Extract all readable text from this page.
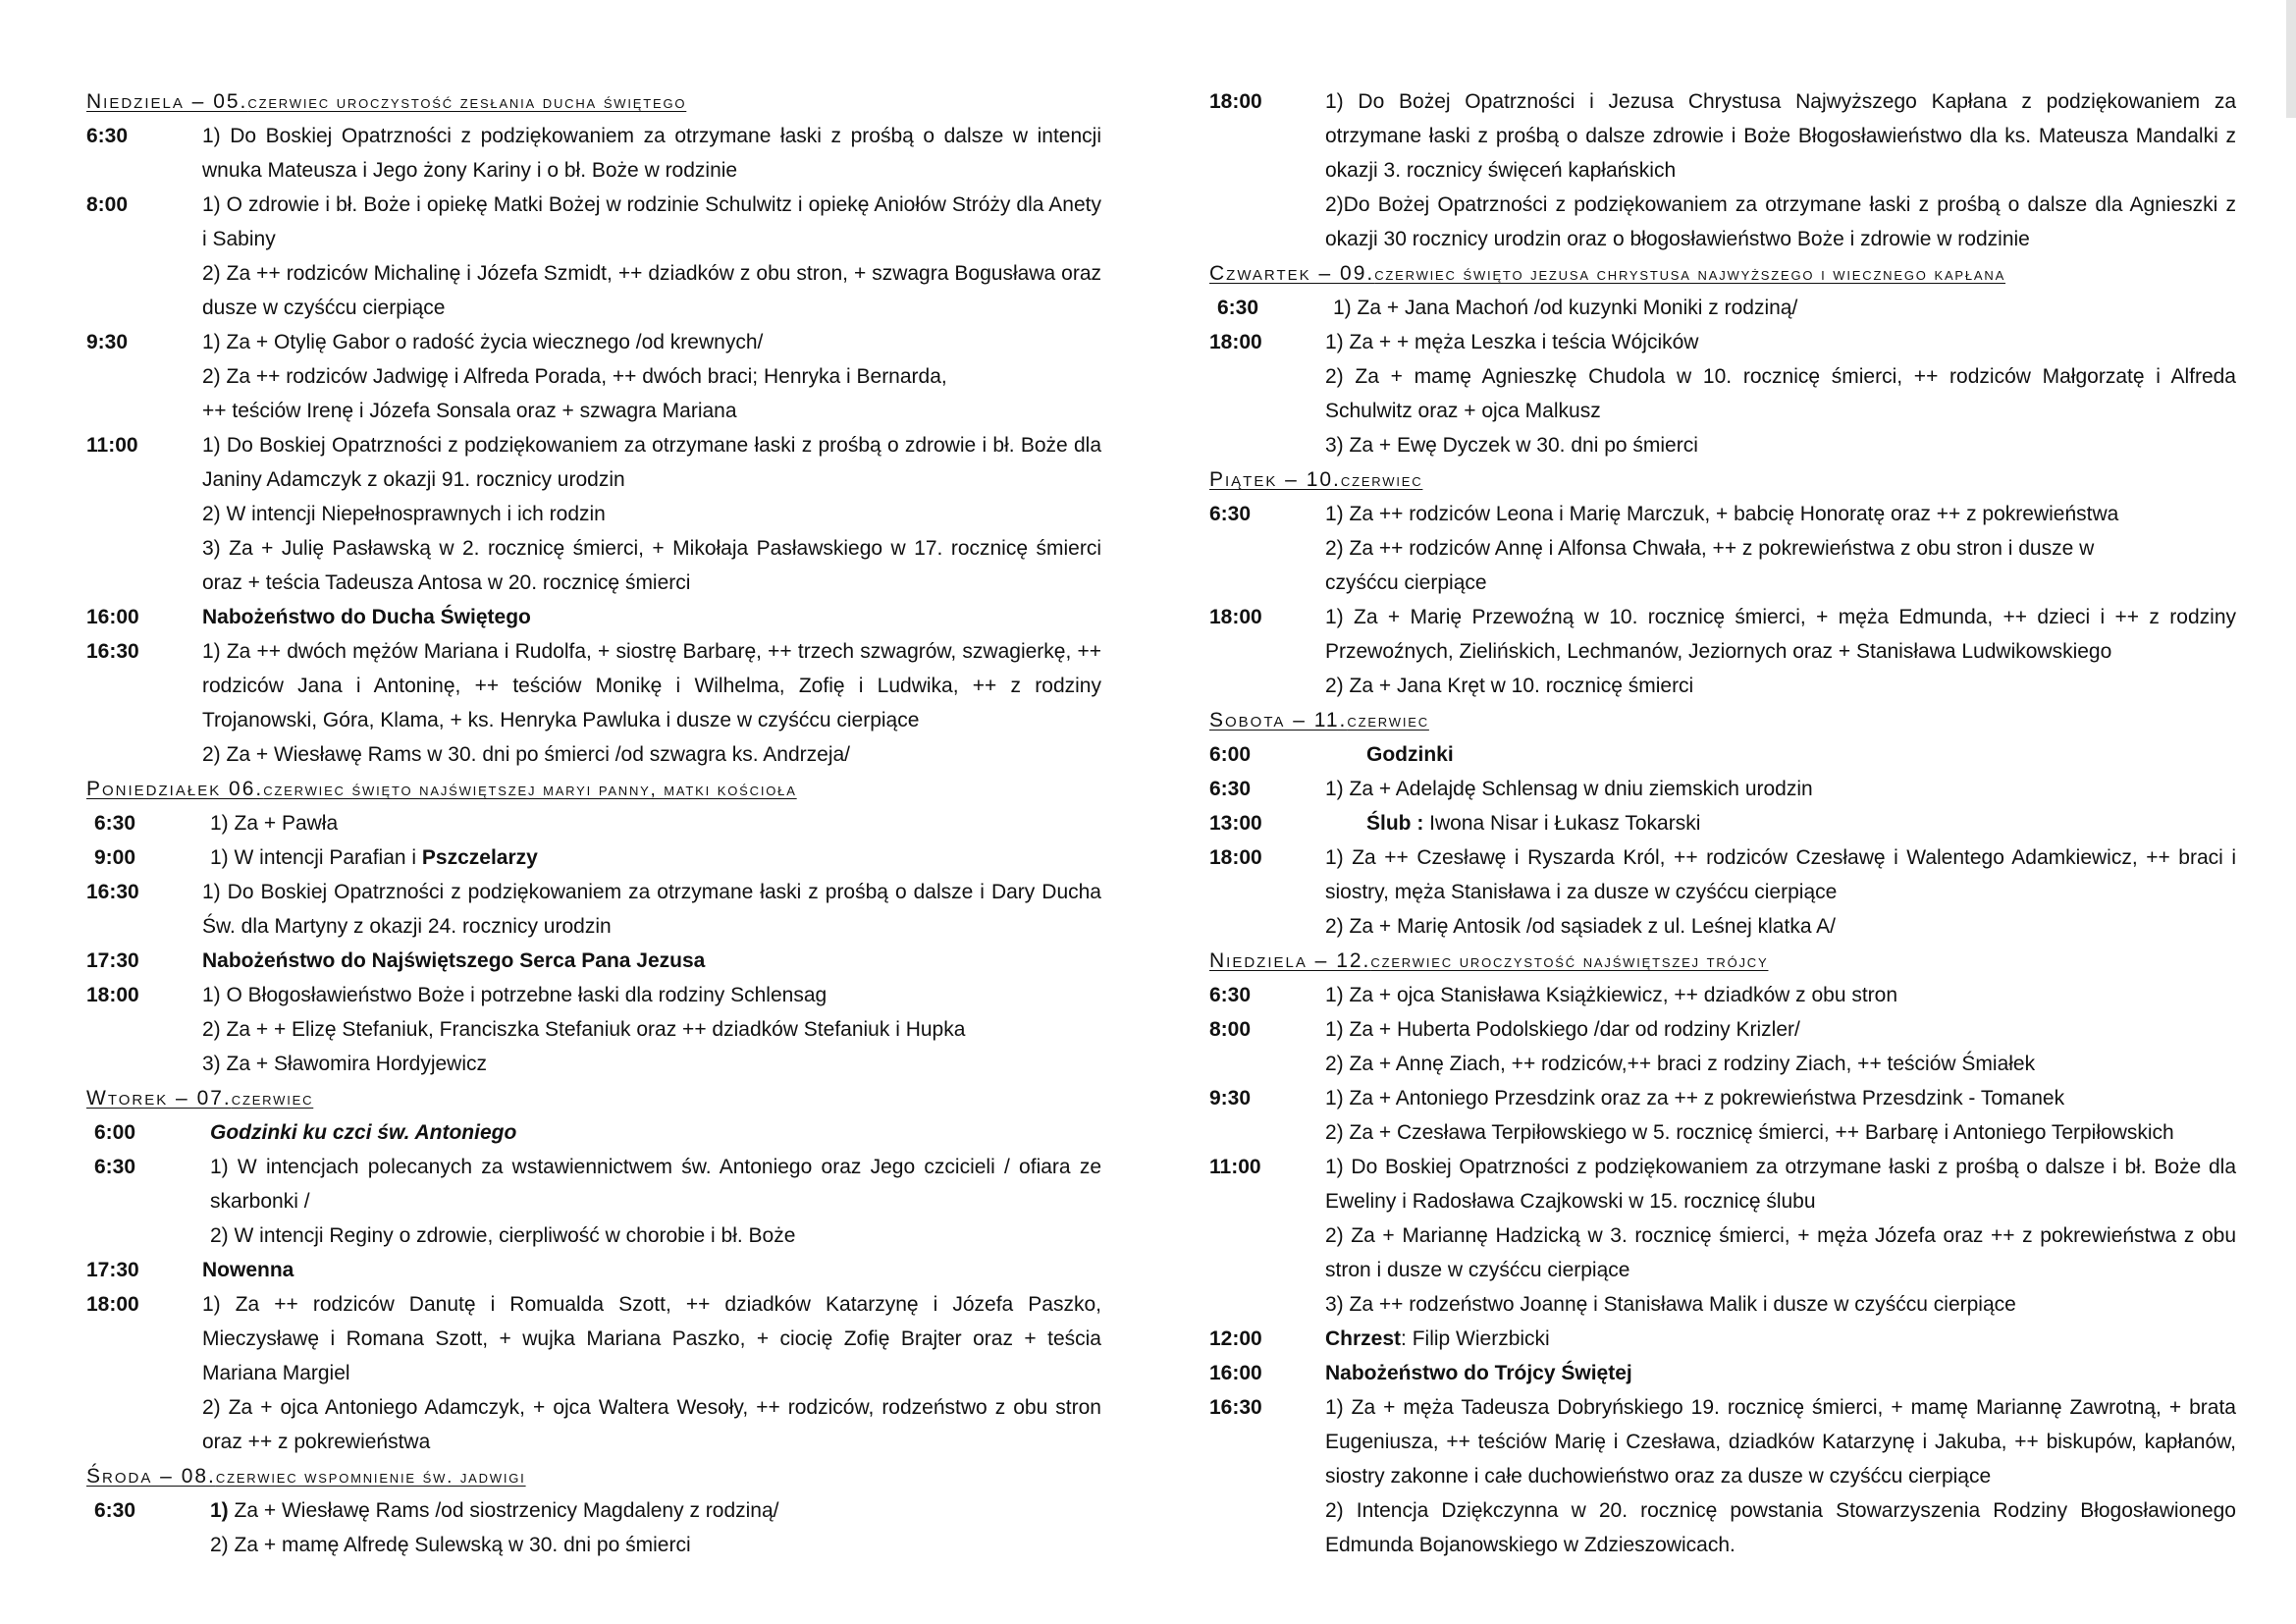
Niedziela – 05.czerwiec uroczystość zesłania ducha świętego
6:30	1) Do Boskiej Opatrzności z podziękowaniem za otrzymane łaski z prośbą o dalsze w intencji wnuka Mateusza i Jego żony Kariny i o bł. Boże w rodzinie
8:00	1) O zdrowie i bł. Boże i opiekę Matki Bożej w rodzinie Schulwitz i opiekę Aniołów Stróży dla Anety i Sabiny
2) Za ++ rodziców Michalinę i Józefa Szmidt, ++ dziadków z obu stron, + szwagra Bogusława oraz dusze w czyśćcu cierpiące
9:30	1) Za + Otylię Gabor o radość życia wiecznego /od krewnych/
2) Za ++ rodziców Jadwigę i Alfreda Porada, ++ dwóch braci; Henryka i Bernarda,
++ teściów Irenę i Józefa Sonsala oraz + szwagra Mariana
11:00	1) Do Boskiej Opatrzności z podziękowaniem za otrzymane łaski z prośbą o zdrowie i bł. Boże dla Janiny Adamczyk z okazji 91. rocznicy urodzin
2) W intencji Niepełnosprawnych i ich rodzin
3) Za + Julię Pasławską w 2. rocznicę śmierci, + Mikołaja Pasławskiego w 17. rocznicę śmierci oraz + teścia Tadeusza Antosa w 20. rocznicę śmierci
16:00	Nabożeństwo do Ducha Świętego
16:30	1) Za ++ dwóch mężów Mariana i Rudolfa, + siostrę Barbarę, ++ trzech szwagrów, szwagierkę, ++ rodziców Jana i Antoninę, ++ teściów Monikę i Wilhelma, Zofię i Ludwika, ++ z rodziny Trojanowski, Góra, Klama, + ks. Henryka Pawluka i dusze w czyśćcu cierpiące
2) Za + Wiesławę Rams w 30. dni po śmierci /od szwagra ks. Andrzeja/
Poniedziałek 06.czerwiec święto najświętszej maryi panny, matki kościoła
6:30	1) Za + Pawła
9:00	1) W intencji Parafian i Pszczelarzy
16:30	1) Do Boskiej Opatrzności z podziękowaniem za otrzymane łaski z prośbą o dalsze i Dary Ducha Św. dla Martyny z okazji 24. rocznicy urodzin
17:30	Nabożeństwo do Najświętszego Serca Pana Jezusa
18:00	1) O Błogosławieństwo Boże i potrzebne łaski dla rodziny Schlensag
2) Za + + Elizę Stefaniuk, Franciszka Stefaniuk oraz ++ dziadków Stefaniuk i Hupka
3) Za + Sławomira Hordyjewicz
Wtorek – 07.czerwiec
6:00	Godzinki ku czci św. Antoniego
6:30	1) W intencjach polecanych za wstawiennictwem św. Antoniego oraz Jego czcicieli / ofiara ze skarbonki /
2) W intencji Reginy o zdrowie, cierpliwość w chorobie i bł. Boże
17:30	Nowenna
18:00	1) Za ++ rodziców Danutę i Romualda Szott, ++ dziadków Katarzynę i Józefa Paszko, Mieczysławę i Romana Szott, + wujka Mariana Paszko, + ciocię Zofię Brajter oraz + teścia Mariana Margiel
2) Za + ojca Antoniego Adamczyk, + ojca Waltera Wesoły, ++ rodziców, rodzeństwo z obu stron oraz ++ z pokrewieństwa
Środa – 08.czerwiec wspomnienie św. jadwigi
6:30	1) Za + Wiesławę Rams /od siostrzenicy Magdaleny z rodziną/
2) Za + mamę Alfredę Sulewską w 30. dni po śmierci
18:00	1) Do Bożej Opatrzności i Jezusa Chrystusa Najwyższego Kapłana z podziękowaniem za otrzymane łaski z prośbą o dalsze zdrowie i Boże Błogosławieństwo dla ks. Mateusza Mandalki z okazji 3. rocznicy święceń kapłańskich
2)Do Bożej Opatrzności z podziękowaniem za otrzymane łaski z prośbą o dalsze dla Agnieszki z okazji 30 rocznicy urodzin oraz o błogosławieństwo Boże i zdrowie w rodzinie
Czwartek – 09.czerwiec święto jezusa chrystusa najwyższego i wiecznego kapłana
6:30	1) Za + Jana Machoń /od kuzynki Moniki z rodziną/
18:00	1) Za + + męża Leszka i teścia Wójcików
2) Za + mamę Agnieszkę Chudola w 10. rocznicę śmierci, ++ rodziców Małgorzatę i Alfreda Schulwitz oraz + ojca Malkusz
3) Za + Ewę Dyczek w 30. dni po śmierci
Piątek – 10.czerwiec
6:30	1) Za ++ rodziców Leona i Marię Marczuk, + babcię Honoratę oraz ++ z pokrewieństwa
2) Za ++ rodziców Annę i Alfonsa Chwała, ++ z pokrewieństwa z obu stron i dusze w
czyśćcu cierpiące
18:00	1) Za + Marię Przewoźną w 10. rocznicę śmierci, + męża Edmunda, ++ dzieci i ++ z rodziny Przewoźnych, Zielińskich, Lechmanów, Jeziornych oraz + Stanisława Ludwikowskiego
2) Za + Jana Kręt w 10. rocznicę śmierci
Sobota – 11.czerwiec
6:00	Godzinki
6:30	1) Za + Adelajdę Schlensag w dniu ziemskich urodzin
13:00	Ślub : Iwona Nisar i Łukasz Tokarski
18:00	1) Za ++ Czesławę i Ryszarda Król, ++ rodziców Czesławę i Walentego Adamkiewicz, ++ braci i siostry, męża Stanisława i za dusze w czyśćcu cierpiące
2) Za + Marię Antosik /od sąsiadek z ul. Leśnej klatka A/
Niedziela – 12.czerwiec uroczystość najświętszej trójcy
6:30	1) Za + ojca Stanisława Książkiewicz, ++ dziadków z obu stron
8:00	1) Za + Huberta Podolskiego /dar od rodziny Krizler/
2) Za + Annę Ziach, ++ rodziców,++ braci z rodziny Ziach, ++ teściów Śmiałek
9:30	1) Za + Antoniego Przesdzink oraz za ++ z pokrewieństwa Przesdzink - Tomanek
2) Za + Czesława Terpiłowskiego w 5. rocznicę śmierci, ++ Barbarę i Antoniego Terpiłowskich
11:00	1) Do Boskiej Opatrzności z podziękowaniem za otrzymane łaski z prośbą o dalsze i bł. Boże dla Eweliny i Radosława Czajkowski w 15. rocznicę ślubu
2) Za + Mariannę Hadzicką w 3. rocznicę śmierci, + męża Józefa oraz ++ z pokrewieństwa z obu stron i dusze w czyśćcu cierpiące
3) Za ++ rodzeństwo Joannę i Stanisława Malik i dusze w czyśćcu cierpiące
12:00	Chrzest: Filip Wierzbicki
16:00	Nabożeństwo do Trójcy Świętej
16:30	1) Za + męża Tadeusza Dobryńskiego 19. rocznicę śmierci, + mamę Mariannę Zawrotną, + brata Eugeniusza, ++ teściów Marię i Czesława, dziadków Katarzynę i Jakuba, ++ biskupów, kapłanów, siostry zakonne i całe duchowieństwo oraz za dusze w czyśćcu cierpiące
2) Intencja Dziękczynna w 20. rocznicę powstania Stowarzyszenia Rodziny Błogosławionego Edmunda Bojanowskiego w Zdzieszowicach.
